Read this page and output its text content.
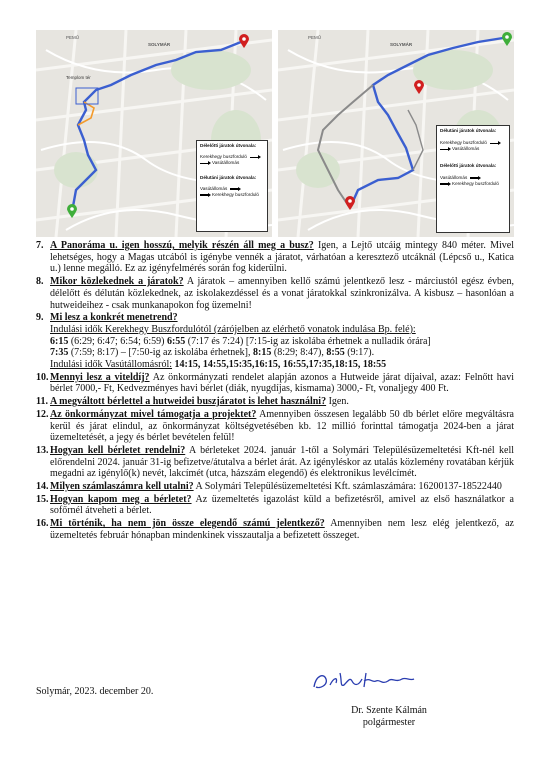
PEMŰ
SOLYMÁR
Templom tér
Délelőtti járatok útvonala:
Kerekhegy buszforduló
Vasútállomás
Délutáni járatok útvonala:
Vasútállomás
Kerekhegy buszforduló
PEMŰ
SOLYMÁR
Délutáni járatok útvonala:
Kerekhegy buszforduló
Vasútállomás
Délelőtti járatok útvonala:
Vasútállomás
Kerekhegy buszforduló
7. A Panoráma u. igen hosszú, melyik részén áll meg a busz? Igen, a Lejtő utcáig mintegy 840 méter. Mivel lehetséges, hogy a Magas utcából is igénybe vennék a járatot, várhatóan a keresztező utcáknál (Lépcső u., Katica u.) lenne megálló. Ez az igényfelmérés során fog kiderülni.
8. Mikor közlekednek a járatok? A járatok – amennyiben kellő számú jelentkező lesz - márciustól egész évben, délelőtt és délután közlekednek, az iskolakezdéssel és a vonat járatokkal szinkronizálva. A kisbusz – hasonlóan a hutweideihez - csak munkanapokon fog üzemelni!
9. Mi lesz a konkrét menetrend?
Indulási idők Kerekhegy Buszfordulótól (zárójelben az elérhető vonatok indulása Bp. felé):
6:15 (6:29; 6:47; 6:54; 6:59) 6:55 (7:17 és 7:24) [7:15-ig az iskolába érhetnek a nulladik órára]
7:35 (7:59; 8:17) – [7:50-ig az iskolába érhetnek], 8:15 (8:29; 8:47), 8:55 (9:17).
Indulási idők Vasútállomásról: 14:15, 14:55,15:35,16:15, 16:55,17:35,18:15, 18:55
10. Mennyi lesz a viteldíj? Az önkormányzati rendelet alapján azonos a Hutweide járat díjaival, azaz: Felnőtt havi bérlet 7000,- Ft, Kedvezményes havi bérlet (diák, nyugdíjas, kismama) 3000,- Ft, vonaljegy 400 Ft.
11. A megváltott bérlettel a hutweidei buszjáratot is lehet használni? Igen.
12. Az önkormányzat mivel támogatja a projektet? Amennyiben összesen legalább 50 db bérlet előre megváltásra kerül és járat elindul, az önkormányzat költségvetésében kb. 12 millió forinttal támogatja 2024-ben a járat üzemeltetését, a jegy és bérlet bevételen felül!
13. Hogyan kell bérletet rendelni? A bérleteket 2024. január 1-től a Solymári Településüzemeltetési Kft-nél kell előrendelni 2024. január 31-ig befizetve/átutalva a bérlet árát. Az igényléskor az utalás közlemény rovatában kérjük megadni az igénylő(k) nevét, lakcímét (utca, házszám elegendő) és elektronikus levélcímét.
14. Milyen számlaszámra kell utalni? A Solymári Településüzemeltetési Kft. számlaszámára: 16200137-18522440
15. Hogyan kapom meg a bérletet? Az üzemeltetés igazolást küld a befizetésről, amivel az első használatkor a sofőrnél átveheti a bérlet.
16. Mi történik, ha nem jön össze elegendő számú jelentkező? Amennyiben nem lesz elég jelentkező, az üzemeltetés február hónapban mindenkinek visszautalja a befizetett összeget.
Solymár, 2023. december 20.
Dr. Szente Kálmán
polgármester
